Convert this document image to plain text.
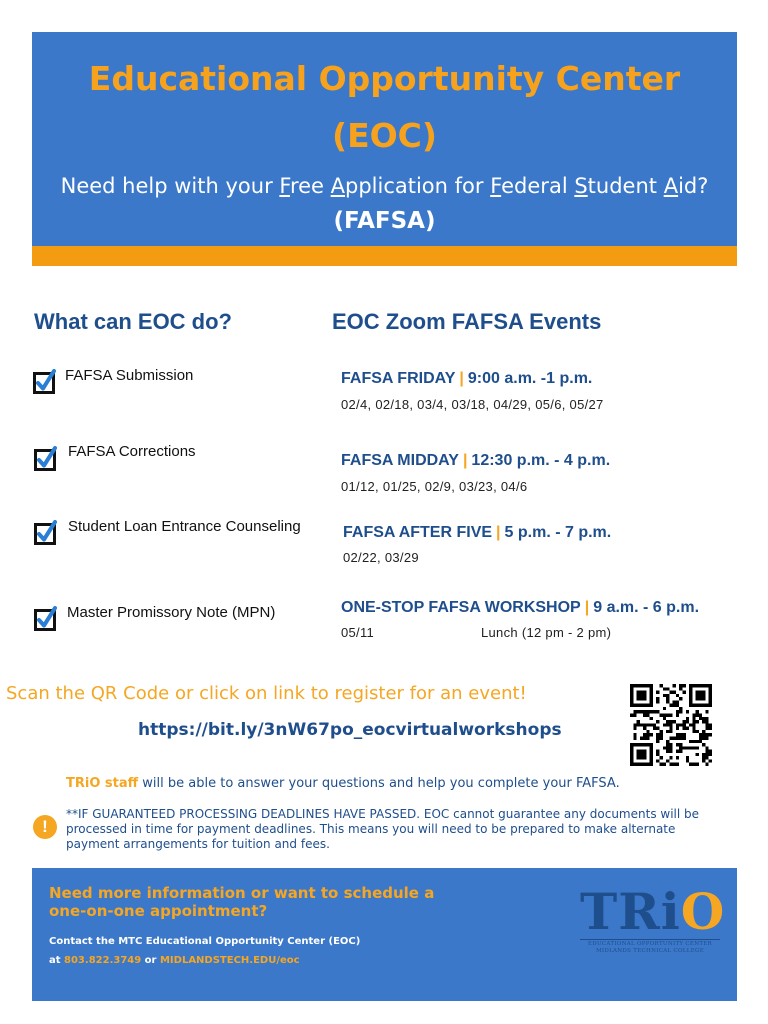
Educational Opportunity Center
(EOC)
Need help with your Free Application for Federal Student Aid?
(FAFSA)
What can EOC do?	EOC Zoom FAFSA Events
FAFSA Submission
FAFSA Corrections
Student Loan Entrance Counseling
Master Promissory Note (MPN)
FAFSA FRIDAY | 9:00 a.m. -1 p.m.
02/4, 02/18, 03/4, 03/18, 04/29, 05/6, 05/27
FAFSA MIDDAY | 12:30 p.m. - 4 p.m.
01/12, 01/25, 02/9, 03/23, 04/6
FAFSA AFTER FIVE | 5 p.m. - 7 p.m.
02/22, 03/29
ONE-STOP FAFSA WORKSHOP | 9 a.m. - 6 p.m.
05/11	Lunch (12 pm - 2 pm)
Scan the QR Code or click on link to register for an event!
https://bit.ly/3nW67po_eocvirtualworkshops
TRiO staff will be able to answer your questions and help you complete your FAFSA.
!
**IF GUARANTEED PROCESSING DEADLINES HAVE PASSED. EOC cannot guarantee any documents will be processed in time for payment deadlines. This means you will need to be prepared to make alternate payment arrangements for tuition and fees.
Need more information or want to schedule a one-on-one appointment?
Contact the MTC Educational Opportunity Center (EOC)
at 803.822.3749 or MIDLANDSTECH.EDU/eoc
TRiO
EDUCATIONAL OPPORTUNITY CENTER
MIDLANDS TECHNICAL COLLEGE
